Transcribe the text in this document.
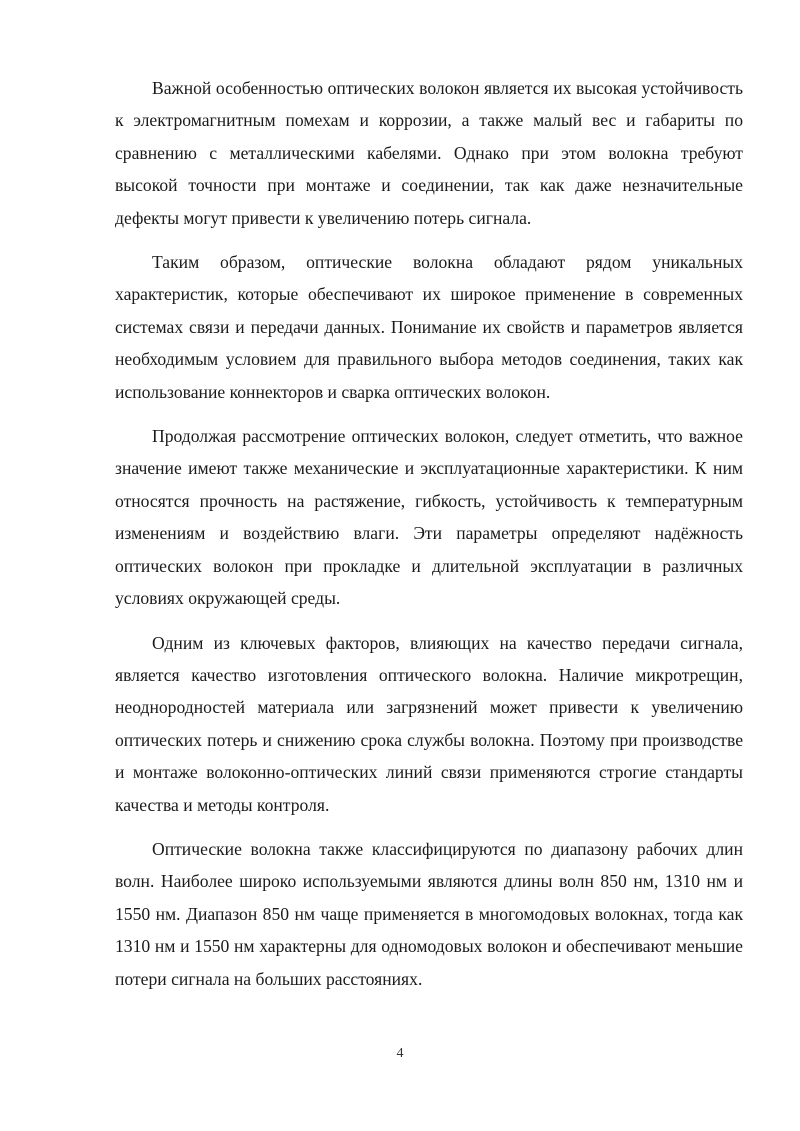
Важной особенностью оптических волокон является их высокая устойчивость к электромагнитным помехам и коррозии, а также малый вес и габариты по сравнению с металлическими кабелями. Однако при этом волокна требуют высокой точности при монтаже и соединении, так как даже незначительные дефекты могут привести к увеличению потерь сигнала.

Таким образом, оптические волокна обладают рядом уникальных характеристик, которые обеспечивают их широкое применение в современных системах связи и передачи данных. Понимание их свойств и параметров является необходимым условием для правильного выбора методов соединения, таких как использование коннекторов и сварка оптических волокон.

Продолжая рассмотрение оптических волокон, следует отметить, что важное значение имеют также механические и эксплуатационные характеристики. К ним относятся прочность на растяжение, гибкость, устойчивость к температурным изменениям и воздействию влаги. Эти параметры определяют надёжность оптических волокон при прокладке и длительной эксплуатации в различных условиях окружающей среды.

Одним из ключевых факторов, влияющих на качество передачи сигнала, является качество изготовления оптического волокна. Наличие микротрещин, неоднородностей материала или загрязнений может привести к увеличению оптических потерь и снижению срока службы волокна. Поэтому при производстве и монтаже волоконно-оптических линий связи применяются строгие стандарты качества и методы контроля.

Оптические волокна также классифицируются по диапазону рабочих длин волн. Наиболее широко используемыми являются длины волн 850 нм, 1310 нм и 1550 нм. Диапазон 850 нм чаще применяется в многомодовых волокнах, тогда как 1310 нм и 1550 нм характерны для одномодовых волокон и обеспечивают меньшие потери сигнала на больших расстояниях.

4
